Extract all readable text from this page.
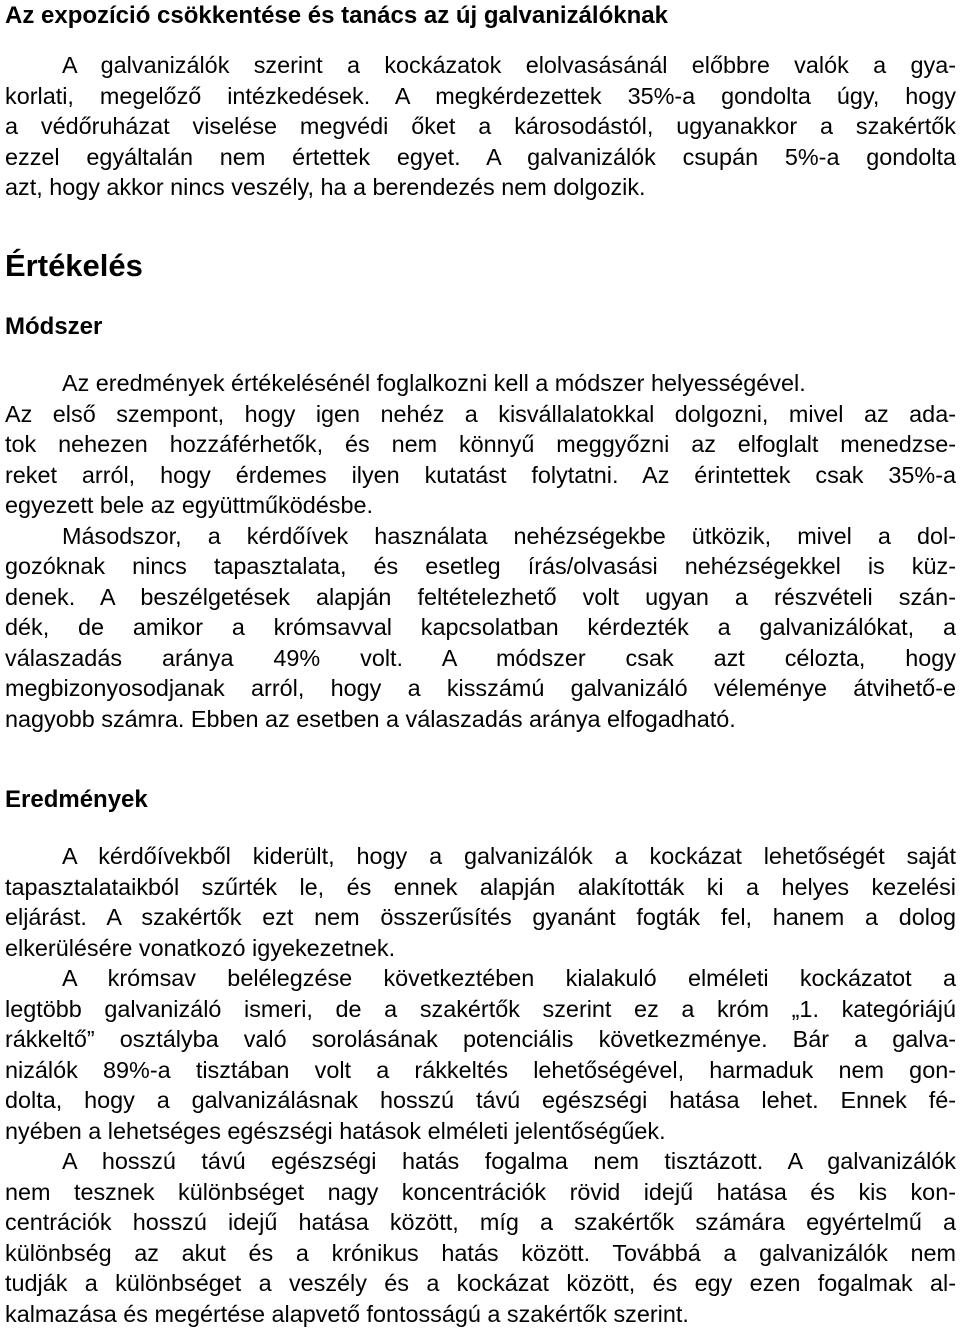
Az expozíció csökkentése és tanács az új galvanizálóknak
A galvanizálók szerint a kockázatok elolvasásánál előbbre valók a gya-
korlati, megelőző intézkedések. A megkérdezettek 35%-a gondolta úgy, hogy
a védőruházat viselése megvédi őket a károsodástól, ugyanakkor a szakértők
ezzel egyáltalán nem értettek egyet. A galvanizálók csupán 5%-a gondolta
azt, hogy akkor nincs veszély, ha a berendezés nem dolgozik.
Értékelés
Módszer
Az eredmények értékelésénél foglalkozni kell a módszer helyességével.
Az első szempont, hogy igen nehéz a kisvállalatokkal dolgozni, mivel az ada-
tok nehezen hozzáférhetők, és nem könnyű meggyőzni az elfoglalt menedzse-
reket arról, hogy érdemes ilyen kutatást folytatni. Az érintettek csak 35%-a
egyezett bele az együttműködésbe.
Másodszor, a kérdőívek használata nehézségekbe ütközik, mivel a dol-
gozóknak nincs tapasztalata, és esetleg írás/olvasási nehézségekkel is küz-
denek. A beszélgetések alapján feltételezhető volt ugyan a részvételi szán-
dék, de amikor a krómsavval kapcsolatban kérdezték a galvanizálókat, a
válaszadás aránya 49% volt. A módszer csak azt célozta, hogy
megbizonyosodjanak arról, hogy a kisszámú galvanizáló véleménye átvihető-e
nagyobb számra. Ebben az esetben a válaszadás aránya elfogadható.
Eredmények
A kérdőívekből kiderült, hogy a galvanizálók a kockázat lehetőségét saját
tapasztalataikból szűrték le, és ennek alapján alakították ki a helyes kezelési
eljárást. A szakértők ezt nem összerűsítés gyanánt fogták fel, hanem a dolog
elkerülésére vonatkozó igyekezetnek.
A krómsav belélegzése következtében kialakuló elméleti kockázatot a
legtöbb galvanizáló ismeri, de a szakértők szerint ez a króm „1. kategóriájú
rákkeltő” osztályba való sorolásának potenciális következménye. Bár a galva-
nizálók 89%-a tisztában volt a rákkeltés lehetőségével, harmaduk nem gon-
dolta, hogy a galvanizálásnak hosszú távú egészségi hatása lehet. Ennek fé-
nyében a lehetséges egészségi hatások elméleti jelentőségűek.
A hosszú távú egészségi hatás fogalma nem tisztázott. A galvanizálók
nem tesznek különbséget nagy koncentrációk rövid idejű hatása és kis kon-
centrációk hosszú idejű hatása között, míg a szakértők számára egyértelmű a
különbség az akut és a krónikus hatás között. Továbbá a galvanizálók nem
tudják a különbséget a veszély és a kockázat között, és egy ezen fogalmak al-
kalmazása és megértése alapvető fontosságú a szakértők szerint.
